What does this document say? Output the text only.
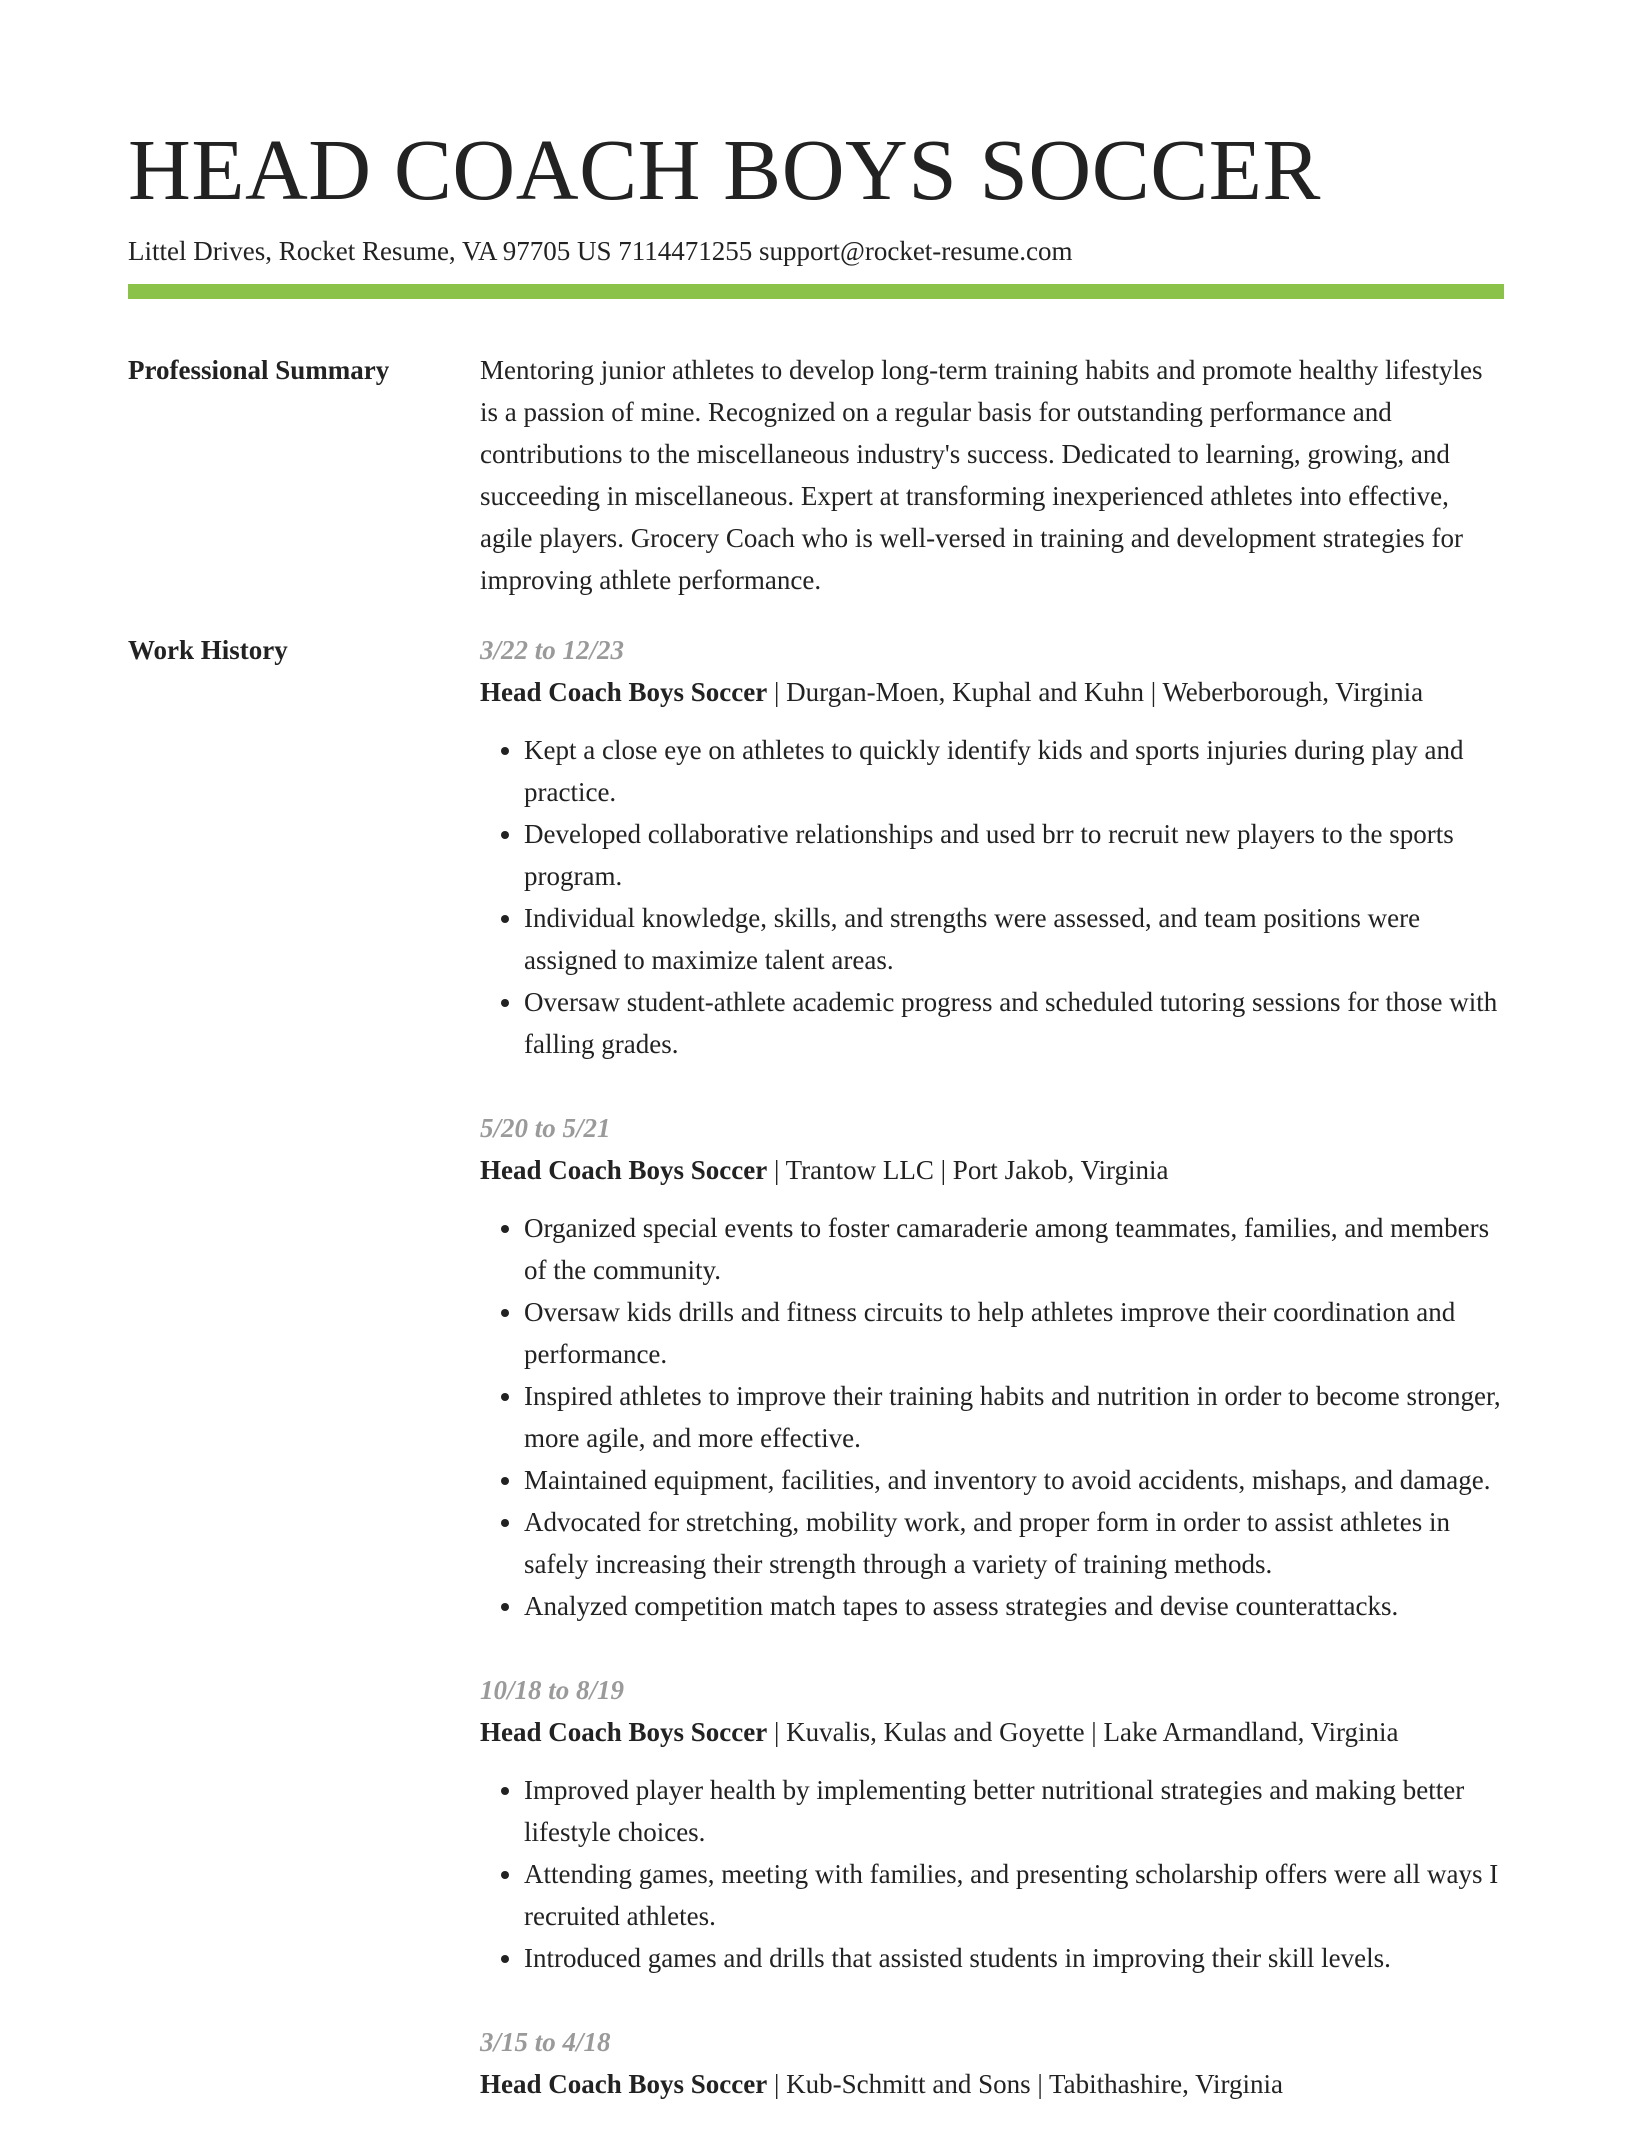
HEAD COACH BOYS SOCCER
Littel Drives, Rocket Resume, VA 97705 US 7114471255 support@rocket-resume.com
Professional Summary	Mentoring junior athletes to develop long-term training habits and promote healthy lifestyles is a passion of mine. Recognized on a regular basis for outstanding performance and contributions to the miscellaneous industry's success. Dedicated to learning, growing, and succeeding in miscellaneous. Expert at transforming inexperienced athletes into effective, agile players. Grocery Coach who is well-versed in training and development strategies for improving athlete performance.

Work History	3/22 to 12/23
Head Coach Boys Soccer | Durgan-Moen, Kuphal and Kuhn | Weberborough, Virginia
• Kept a close eye on athletes to quickly identify kids and sports injuries during play and practice.
• Developed collaborative relationships and used brr to recruit new players to the sports program.
• Individual knowledge, skills, and strengths were assessed, and team positions were assigned to maximize talent areas.
• Oversaw student-athlete academic progress and scheduled tutoring sessions for those with falling grades.
5/20 to 5/21
Head Coach Boys Soccer | Trantow LLC | Port Jakob, Virginia
• Organized special events to foster camaraderie among teammates, families, and members of the community.
• Oversaw kids drills and fitness circuits to help athletes improve their coordination and performance.
• Inspired athletes to improve their training habits and nutrition in order to become stronger, more agile, and more effective.
• Maintained equipment, facilities, and inventory to avoid accidents, mishaps, and damage.
• Advocated for stretching, mobility work, and proper form in order to assist athletes in safely increasing their strength through a variety of training methods.
• Analyzed competition match tapes to assess strategies and devise counterattacks.
10/18 to 8/19
Head Coach Boys Soccer | Kuvalis, Kulas and Goyette | Lake Armandland, Virginia
• Improved player health by implementing better nutritional strategies and making better lifestyle choices.
• Attending games, meeting with families, and presenting scholarship offers were all ways I recruited athletes.
• Introduced games and drills that assisted students in improving their skill levels.
3/15 to 4/18
Head Coach Boys Soccer | Kub-Schmitt and Sons | Tabithashire, Virginia
